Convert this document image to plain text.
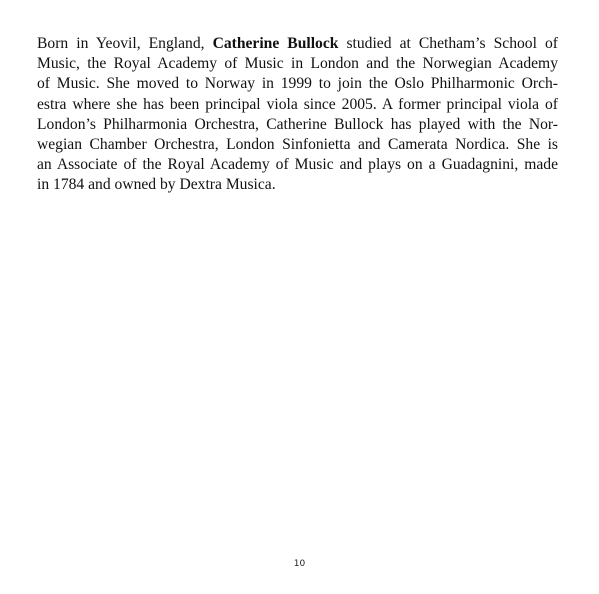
Born in Yeovil, England, Catherine Bullock studied at Chetham’s School of
Music, the Royal Academy of Music in London and the Norwegian Academy
of Music. She moved to Norway in 1999 to join the Oslo Philharmonic Orch-
estra where she has been principal viola since 2005. A former principal viola of
London’s Philharmonia Orchestra, Catherine Bullock has played with the Nor-
wegian Chamber Orchestra, London Sinfonietta and Camerata Nordica. She is
an Associate of the Royal Academy of Music and plays on a Guadagnini, made
in 1784 and owned by Dextra Musica.

10
